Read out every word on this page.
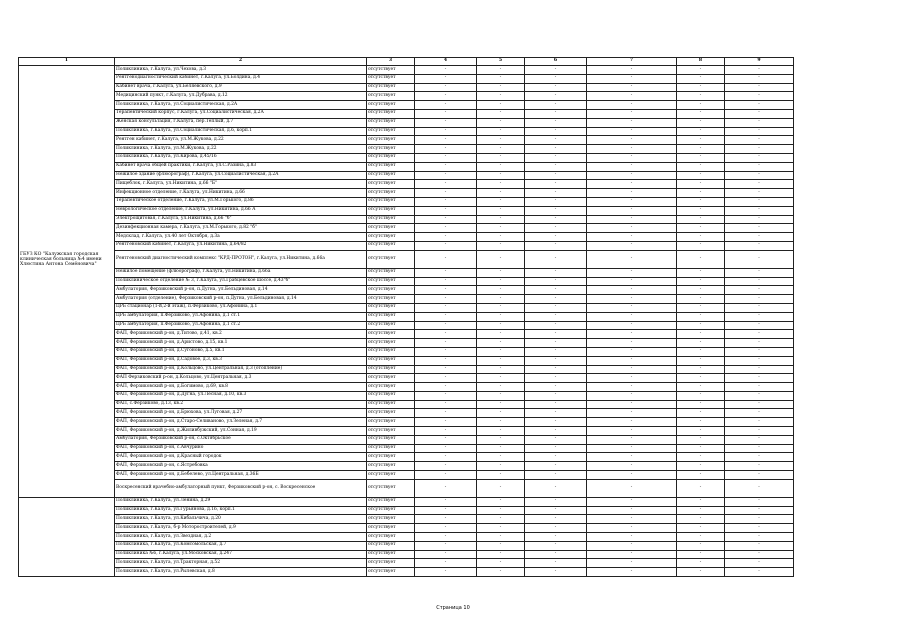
1	2	3	4	5	6	7	8	9
	Поликлиника, г.Калуга, ул.Чехова, д.3	отсутствует	-	-	-	-	-	-
	Рентгенодиагностический кабинет, г.Калуга, ул.Болдина, д.4	отсутствует	-	-	-	-	-	-
	Кабинет врача, г.Калуга, ул.Беляевского, д.9	отсутствует	-	-	-	-	-	-
	Медицинский пункт, г.Калуга, ул.Дубрава, д.12	отсутствует	-	-	-	-	-	-
	Поликлиника, г.Калуга, ул.Социалистическая, д.2А	отсутствует	-	-	-	-	-	-
	Терапевтический корпус, г.Калуга, ул.Социалистическая, д.2А	отсутствует	-	-	-	-	-	-
	Женская консультация, г.Калуга, пер.Теплый, д.7	отсутствует	-	-	-	-	-	-
	Поликлиника, г.Калуга, ул.Социалистическая, д.6, корп.1	отсутствует	-	-	-	-	-	-
	Рентген кабинет, г.Калуга, ул.М.Жукова, д.22	отсутствует	-	-	-	-	-	-
	Поликлиника, г.Калуга, ул.М.Жукова, д.22	отсутствует	-	-	-	-	-	-
	Поликлиника, г.Калуга, ул.Кирова, д.45/16	отсутствует	-	-	-	-	-	-
	Кабинет врача общей практики, г.Калуга, ул.С.Разина, д.83	отсутствует	-	-	-	-	-	-
	Нежилое здание (флюорограф), г.Калуга, ул.Социалистическая, д.2А	отсутствует	-	-	-	-	-	-
	Пищеблок, г.Калуга, ул.Никитина, д.66 "Б"	отсутствует	-	-	-	-	-	-
	Инфекционное отделение, г.Калуга, ул.Никитина, д.66	отсутствует	-	-	-	-	-	-
	Терапевтическое отделение, г.Калуга, ул.М.Горького, д.86	отсутствует	-	-	-	-	-	-
	Неврологическое отделение, г.Калуга, ул.Никитина, д.66 А	отсутствует	-	-	-	-	-	-
	Электрощитовая, г.Калуга, ул.Никитина, д.66 "б"	отсутствует	-	-	-	-	-	-
	Дезинфекционная камера, г.Калуга, ул.М.Горького, д.82 "б"	отсутствует	-	-	-	-	-	-
	Медсклад, г.Калуга, ул.40 лет Октября, д.3а	отсутствует	-	-	-	-	-	-
	Рентгеновский кабинет, г.Калуга, ул.Никитина, д.64/82	отсутствует	-	-	-	-	-	-
ГБУЗ КО "Калужская городская клиническая больница №4 имени Хлюстина Антона Семёновича"	Рентгеновский диагностический комплекс "КРД-ПРОТОН", г.Калуга, ул.Никитина, д.66а	отсутствует	-	-	-	-	-	-
	Нежилое помещение (флюорограф), г.Калуга, ул.Никитина, д.66а	отсутствует	-	-	-	-	-	-
	Поликлиническое отделение № 3, г.Калуга, ул.Грабцевское шоссе, д.43"б"	отсутствует	-	-	-	-	-	-
	Амбулатория, Ферзиковский р-он, п.Дугна, ул.Бельдиновая, д.14	отсутствует	-	-	-	-	-	-
	Амбулатория (отделение), Ферзиковский р-он, п.Дугна, ул.Бельдиновая, д.14	отсутствует	-	-	-	-	-	-
	ЦРБ стационар (1-й,2-й этаж), п.Ферзиково, ул.Афонина, д.1	отсутствует	-	-	-	-	-	-
	ЦРБ амбулатория, п.Ферзиково, ул.Афонина, д.1 ст.1	отсутствует	-	-	-	-	-	-
	ЦРБ амбулатория, п.Ферзиково, ул.Афонина, д.1 ст.2	отсутствует	-	-	-	-	-	-
	ФАП, Ферзиковский р-он, д.Титово, д.41, кв.2	отсутствует	-	-	-	-	-	-
	ФАП, Ферзиковский р-он, д.Аристово, д.15, кв.1	отсутствует	-	-	-	-	-	-
	ФАП, Ферзиковский р-он, д.Сугоново, д.5, кв.1	отсутствует	-	-	-	-	-	-
	ФАП, Ферзиковский р-он, д.Садовое, д.3, кв.3	отсутствует	-	-	-	-	-	-
	ФАП, Ферзиковский р-он, д.Кольцово, ул.Центральная, д.3 (отопление)	отсутствует	-	-	-	-	-	-
	ФАП Ферзиковский р-он, д.Кольцово, ул.Центральная, д.3	отсутствует	-	-	-	-	-	-
	ФАП, Ферзиковский р-он, д.Богимово, д.69, кв.8	отсутствует	-	-	-	-	-	-
	ФАП, Ферзиковский р-он, д.Дугна, ул.Лесная, д.10, кв.3	отсутствует	-	-	-	-	-	-
	ФАП, с.Ферзиково, д.13, кв.2	отсутствует	-	-	-	-	-	-
	ФАП, Ферзиковский р-он, д.Брюхова, ул.Луговая, д.27	отсутствует	-	-	-	-	-	-
	ФАП, Ферзиковский р-он, д.Старо-Селиваново, ул.Зеленая, д.7	отсутствует	-	-	-	-	-	-
	ФАП, Ферзиковский р-он, д.Жиливбужский, ул.Сонная, д.19	отсутствует	-	-	-	-	-	-
	Амбулатория, Ферзиковский р-он, с.Октябрьское	отсутствует	-	-	-	-	-	-
	ФАП, Ферзиковский р-он, с.Авчурино	отсутствует	-	-	-	-	-	-
	ФАП, Ферзиковский р-он, д.Красный городок	отсутствует	-	-	-	-	-	-
	ФАП, Ферзиковский р-он, с.Ястребовка	отсутствует	-	-	-	-	-	-
	ФАП, Ферзиковский р-он, д.Бебелево, ул.Центральная, д.36Б	отсутствует	-	-	-	-	-	-
	Воскресенский врачебно-амбулаторный пункт, Ферзиковский р-он, с. Воскресенское	отсутствует	-	-	-	-	-	-
	Поликлиника, г.Калуга, ул.Ленина, д.29	отсутствует	-	-	-	-	-	-
	Поликлиника, г.Калуга, ул.Гурьянова, д.16, корп.1	отсутствует	-	-	-	-	-	-
	Поликлиника, г.Калуга, ул.Кибальчича, д.20	отсутствует	-	-	-	-	-	-
	Поликлиника, г.Калуга, б-р Моторостроителей, д.9	отсутствует	-	-	-	-	-	-
	Поликлиника, г.Калуга, ул.Звездная, д.2	отсутствует	-	-	-	-	-	-
	Поликлиника, г.Калуга, ул.Комсомольская, д.7	отсутствует	-	-	-	-	-	-
	Поликлиника №6, г.Калуга, ул.Московская, д.247	отсутствует	-	-	-	-	-	-
	Поликлиника, г.Калуга, ул.Тракторная, д.52	отсутствует	-	-	-	-	-	-
	Поликлиника, г.Калуга, ул.Рылевская, д.8	отсутствует	-	-	-	-	-	-
Страница 10
